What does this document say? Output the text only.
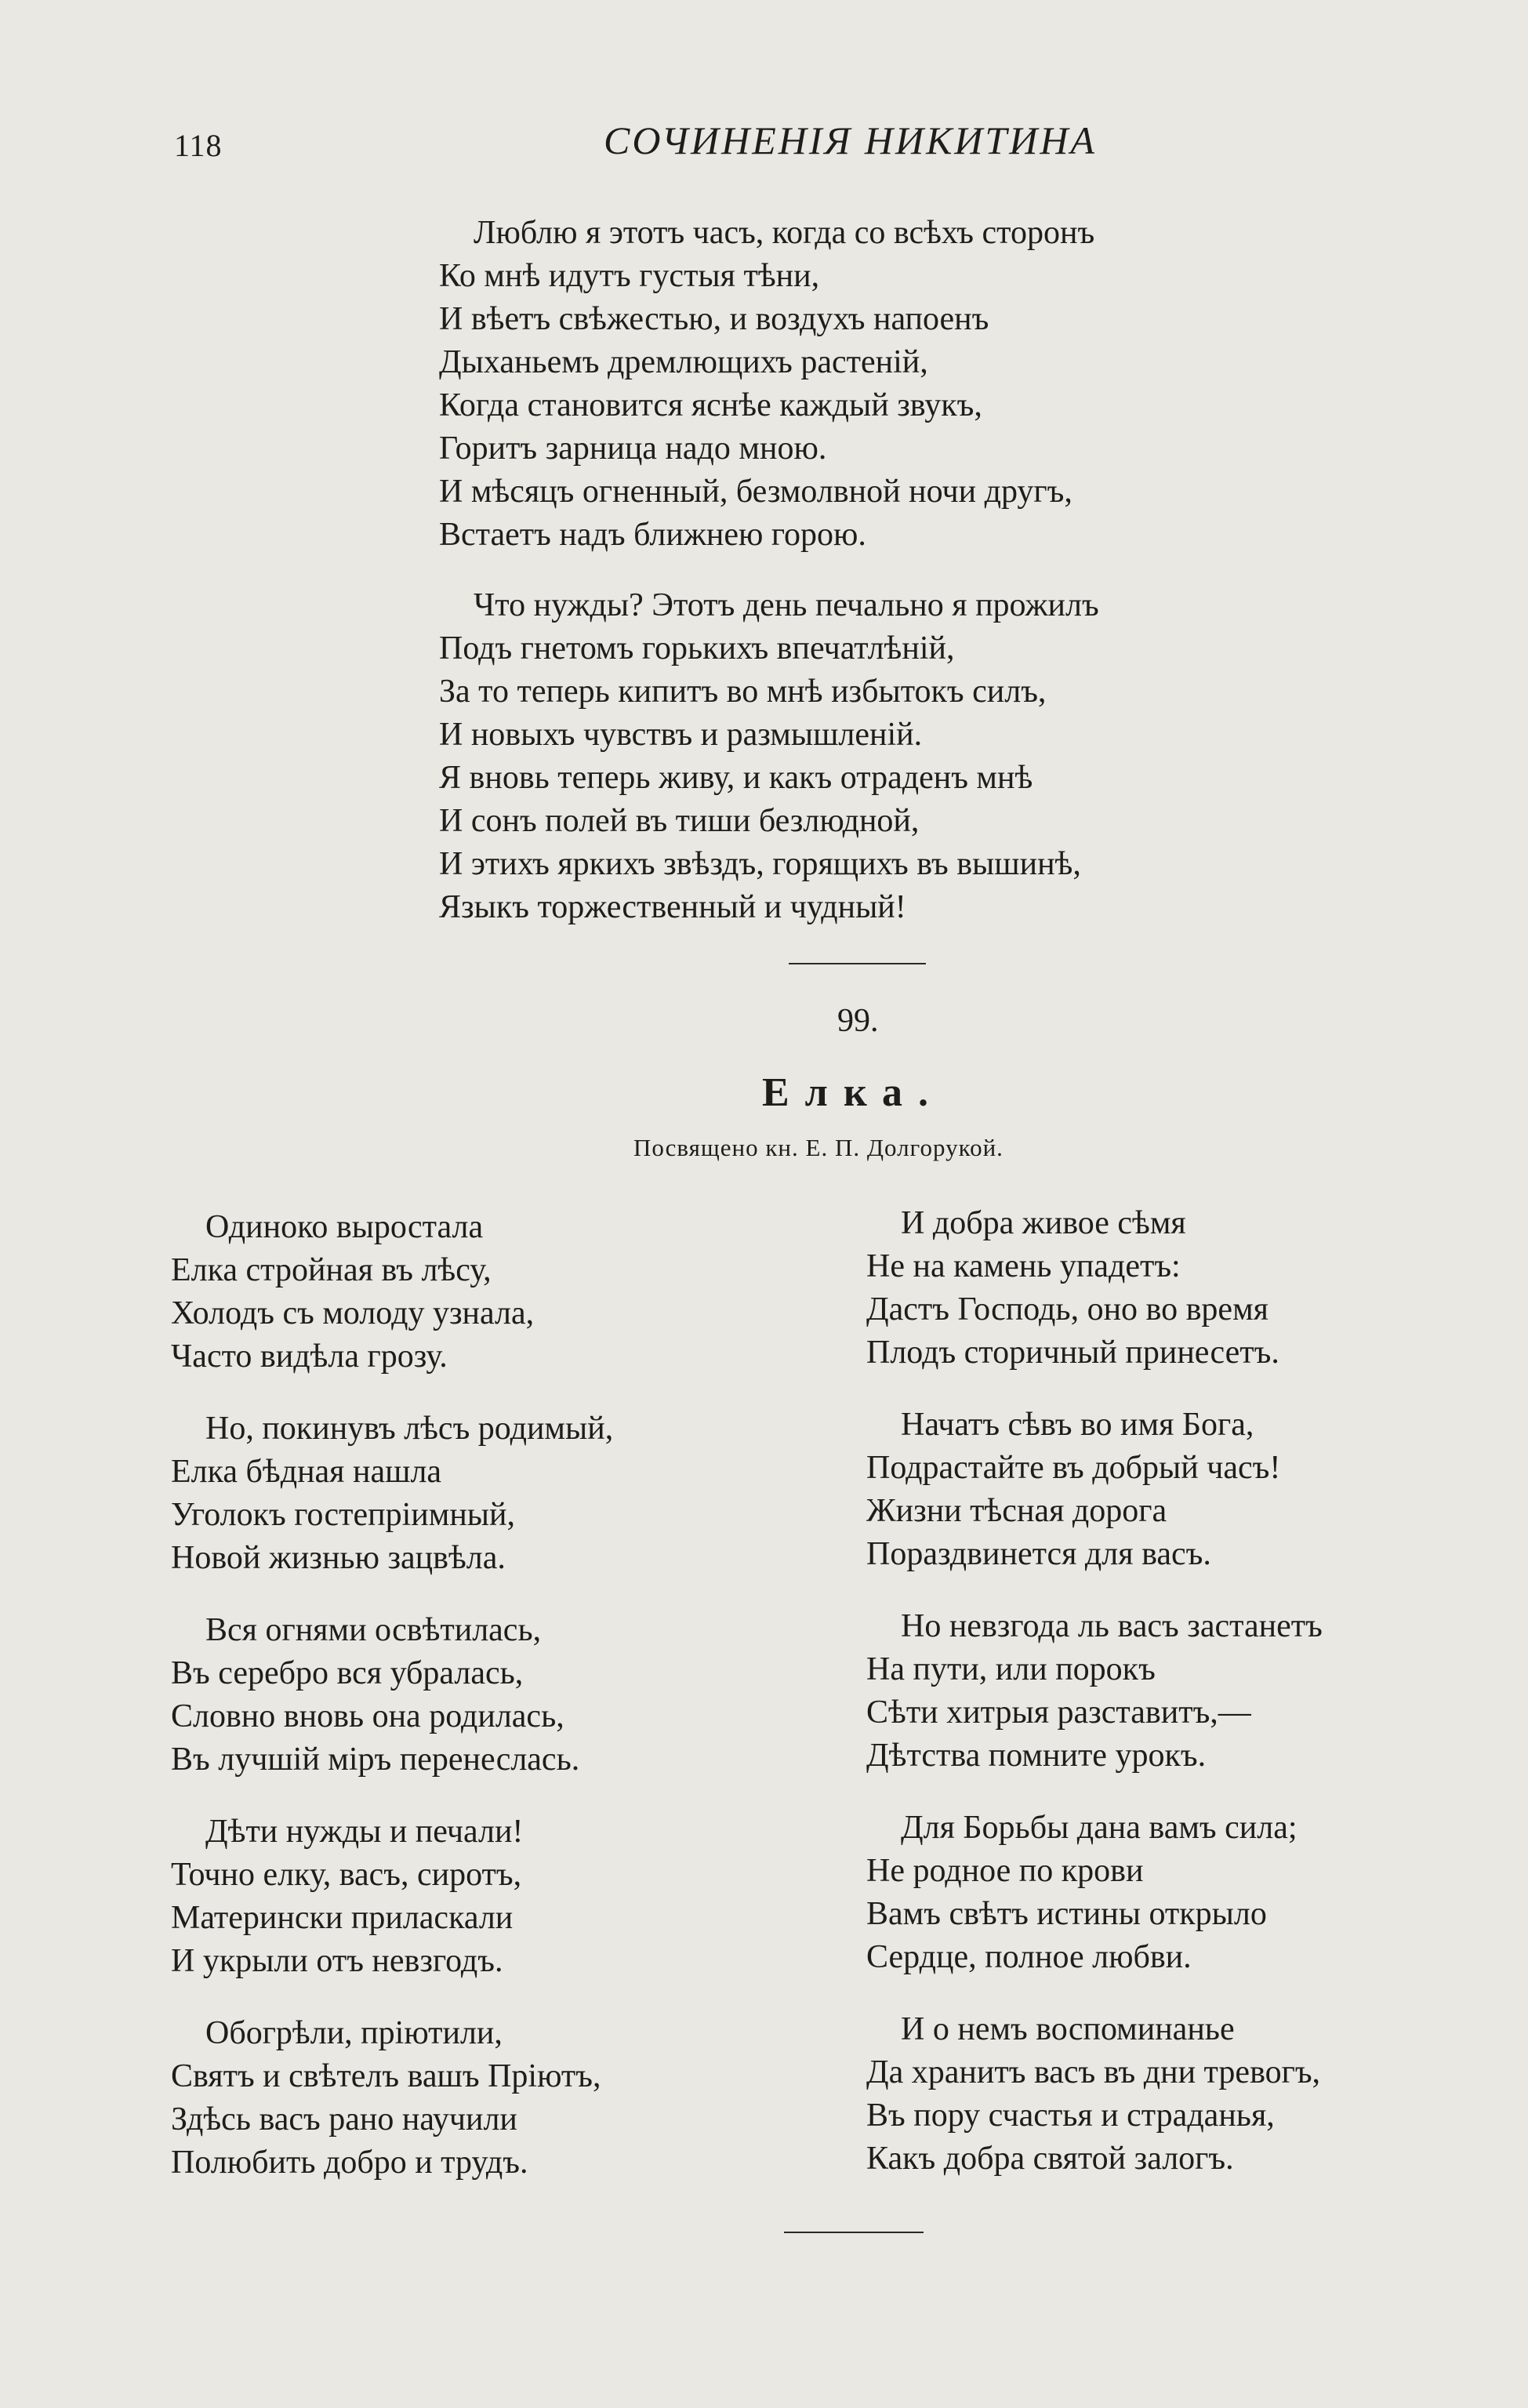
118	СОЧИНЕНІЯ НИКИТИНА
Люблю я этотъ часъ, когда со всѣхъ сторонъ
Ко мнѣ идутъ густыя тѣни,
И вѣетъ свѣжестью, и воздухъ напоенъ
Дыханьемъ дремлющихъ растеній,
Когда становится яснѣе каждый звукъ,
Горитъ зарница надо мною.
И мѣсяцъ огненный, безмолвной ночи другъ,
Встаетъ надъ ближнею горою.
Что нужды? Этотъ день печально я прожилъ
Подъ гнетомъ горькихъ впечатлѣній,
За то теперь кипитъ во мнѣ избытокъ силъ,
И новыхъ чувствъ и размышленій.
Я вновь теперь живу, и какъ отраденъ мнѣ
И сонъ полей въ тиши безлюдной,
И этихъ яркихъ звѣздъ, горящихъ въ вышинѣ,
Языкъ торжественный и чудный!
99.
Елка.
Посвящено кн. Е. П. Долгорукой.
Одиноко выростала
Елка стройная въ лѣсу,
Холодъ съ молоду узнала,
Часто видѣла грозу.
Но, покинувъ лѣсъ родимый,
Елка бѣдная нашла
Уголокъ гостепріимный,
Новой жизнью зацвѣла.
Вся огнями освѣтилась,
Въ серебро вся убралась,
Словно вновь она родилась,
Въ лучшій міръ перенеслась.
Дѣти нужды и печали!
Точно елку, васъ, сиротъ,
Матерински приласкали
И укрыли отъ невзгодъ.
Обогрѣли, пріютили,
Святъ и свѣтелъ вашъ Пріютъ,
Здѣсь васъ рано научили
Полюбить добро и трудъ.
И добра живое сѣмя
Не на камень упадетъ:
Дастъ Господь, оно во время
Плодъ сторичный принесетъ.
Начатъ сѣвъ во имя Бога,
Подрастайте въ добрый часъ!
Жизни тѣсная дорога
Пораздвинется для васъ.
Но невзгода ль васъ застанетъ
На пути, или порокъ
Сѣти хитрыя разставитъ,—
Дѣтства помните урокъ.
Для Борьбы дана вамъ сила;
Не родное по крови
Вамъ свѣтъ истины открыло
Сердце, полное любви.
И о немъ воспоминанье
Да хранитъ васъ въ дни тревогъ,
Въ пору счастья и страданья,
Какъ добра святой залогъ.
